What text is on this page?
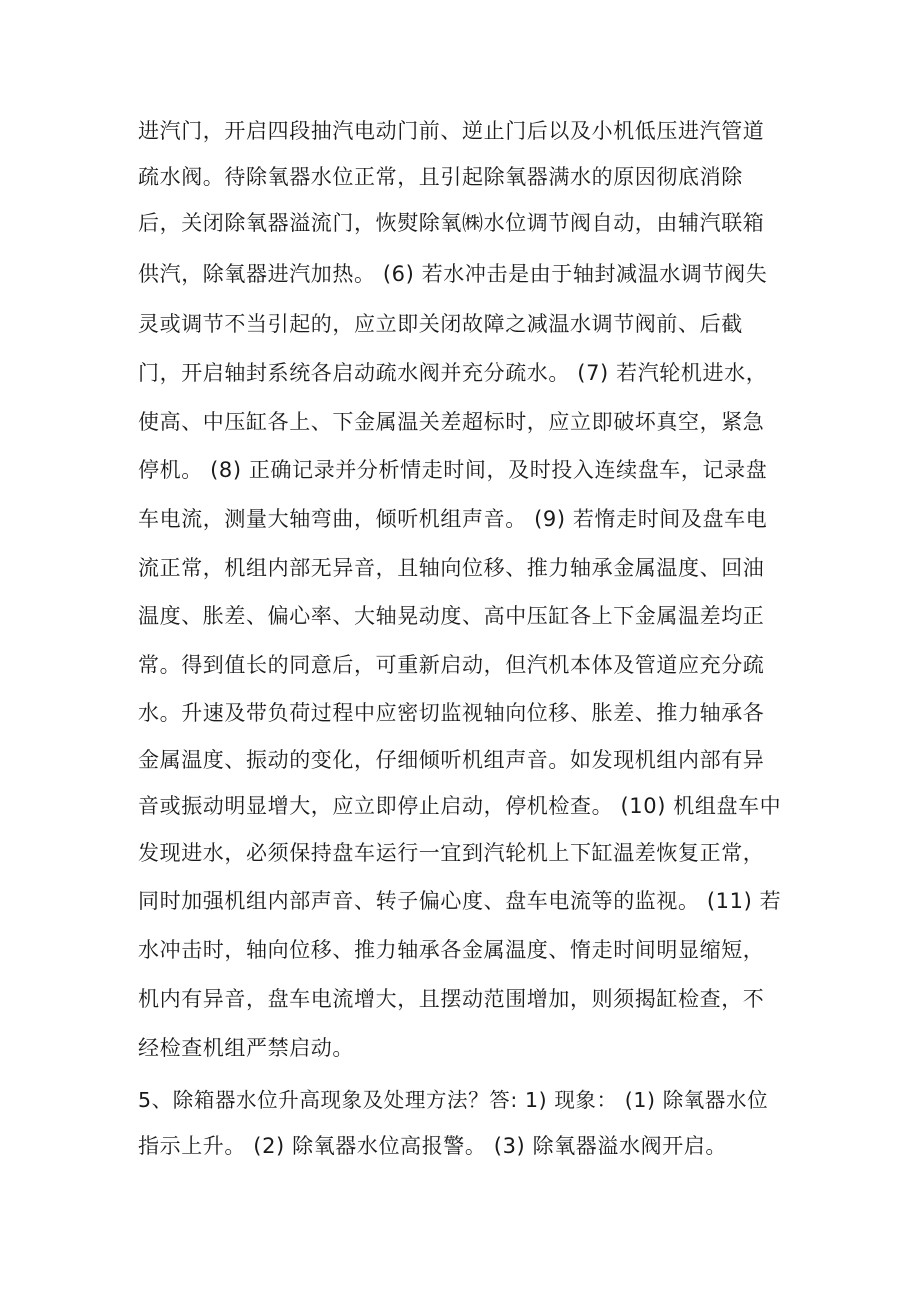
进汽门，开启四段抽汽电动门前、逆止门后以及小机低压进汽管道
疏水阀。待除氧器水位正常，且引起除氧器满水的原因彻底消除
后，关闭除氧器溢流门，恢熨除氧㈱水位调节阀自动，由辅汽联箱
供汽，除氧器进汽加热。 (6) 若水冲击是由于轴封减温水调节阀失
灵或调节不当引起的，应立即关闭故障之减温水调节阀前、后截
门，开启轴封系统各启动疏水阀并充分疏水。 (7) 若汽轮机进水，
使高、中压缸各上、下金属温关差超标时，应立即破坏真空，紧急
停机。 (8) 正确记录并分析情走时间，及时投入连续盘车，记录盘
车电流，测量大轴弯曲，倾听机组声音。 (9) 若惰走时间及盘车电
流正常，机组内部无异音，且轴向位移、推力轴承金属温度、回油
温度、胀差、偏心率、大轴晃动度、高中压缸各上下金属温差均正
常。得到值长的同意后，可重新启动，但汽机本体及管道应充分疏
水。升速及带负荷过程中应密切监视轴向位移、胀差、推力轴承各
金属温度、振动的变化，仔细倾听机组声音。如发现机组内部有异
音或振动明显增大，应立即停止启动，停机检查。 (10) 机组盘车中
发现进水，必须保持盘车运行一宜到汽轮机上下缸温差恢复正常，
同时加强机组内部声音、转子偏心度、盘车电流等的监视。 (11) 若
水冲击时，轴向位移、推力轴承各金属温度、惰走时间明显缩短，
机内有异音，盘车电流增大，且摆动范围增加，则须揭缸检查，不
经检查机组严禁启动。
5、除箱器水位升高现象及处理方法？答: 1) 现象： (1) 除氧器水位
指示上升。 (2) 除氧器水位高报警。 (3) 除氧器溢水阀开启。
